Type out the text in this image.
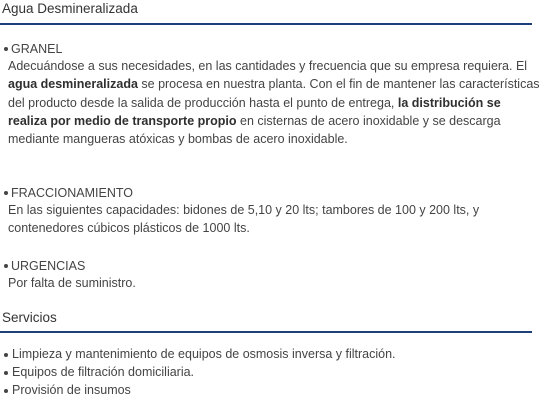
Agua Desmineralizada
GRANEL
Adecuándose a sus necesidades, en las cantidades y frecuencia que su empresa requiera. El agua desmineralizada se procesa en nuestra planta. Con el fin de mantener las características del producto desde la salida de producción hasta el punto de entrega, la distribución se realiza por medio de transporte propio en cisternas de acero inoxidable y se descarga mediante mangueras atóxicas y bombas de acero inoxidable.
FRACCIONAMIENTO
En las siguientes capacidades: bidones de 5,10 y 20 lts; tambores de 100 y 200 lts, y contenedores cúbicos plásticos de 1000 lts.
URGENCIAS
Por falta de suministro.
Servicios
Limpieza y mantenimiento de equipos de osmosis inversa y filtración.
Equipos de filtración domiciliaria.
Provisión de insumos
